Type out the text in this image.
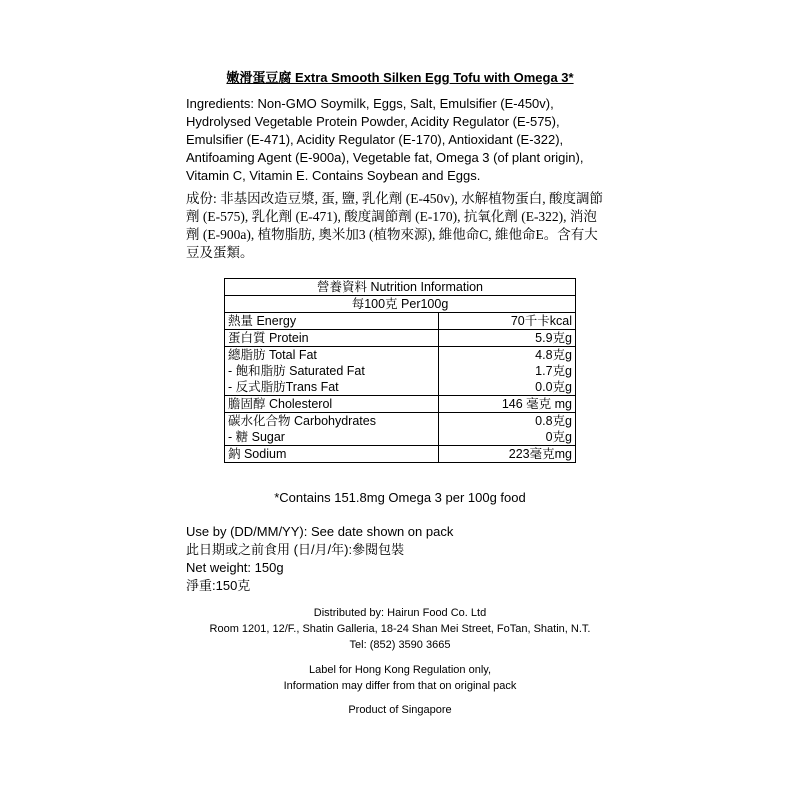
嫩滑蛋豆腐 Extra Smooth Silken Egg Tofu with Omega 3*
Ingredients: Non-GMO Soymilk, Eggs, Salt, Emulsifier (E-450v), Hydrolysed Vegetable Protein Powder, Acidity Regulator (E-575), Emulsifier (E-471), Acidity Regulator (E-170), Antioxidant (E-322), Antifoaming Agent (E-900a), Vegetable fat, Omega 3 (of plant origin), Vitamin C, Vitamin E. Contains Soybean and Eggs.
成份: 非基因改造豆漿, 蛋, 鹽, 乳化劑 (E-450v), 水解植物蛋白, 酸度調節劑 (E-575), 乳化劑 (E-471), 酸度調節劑 (E-170), 抗氧化劑 (E-322), 消泡劑 (E-900a), 植物脂肪, 奧米加3 (植物來源), 維他命C, 維他命E。含有大豆及蛋類。
營養資料 Nutrition Information	
每100克 Per100g	
熱量 Energy	70千卡kcal
蛋白質 Protein	5.9克g
總脂肪 Total Fat	4.8克g
- 飽和脂肪 Saturated Fat	1.7克g
- 反式脂肪Trans Fat	0.0克g
膽固醇 Cholesterol	146 毫克 mg
碳水化合物 Carbohydrates	0.8克g
- 糖 Sugar	0克g
鈉 Sodium	223毫克mg
*Contains 151.8mg Omega 3 per 100g food
Use by (DD/MM/YY): See date shown on pack
此日期或之前食用 (日/月/年):參閱包裝
Net weight: 150g
淨重:150克
Distributed by: Hairun Food Co. Ltd
Room 1201, 12/F., Shatin Galleria, 18-24 Shan Mei Street, FoTan, Shatin, N.T.
Tel: (852) 3590 3665
Label for Hong Kong Regulation only,
Information may differ from that on original pack
Product of Singapore
